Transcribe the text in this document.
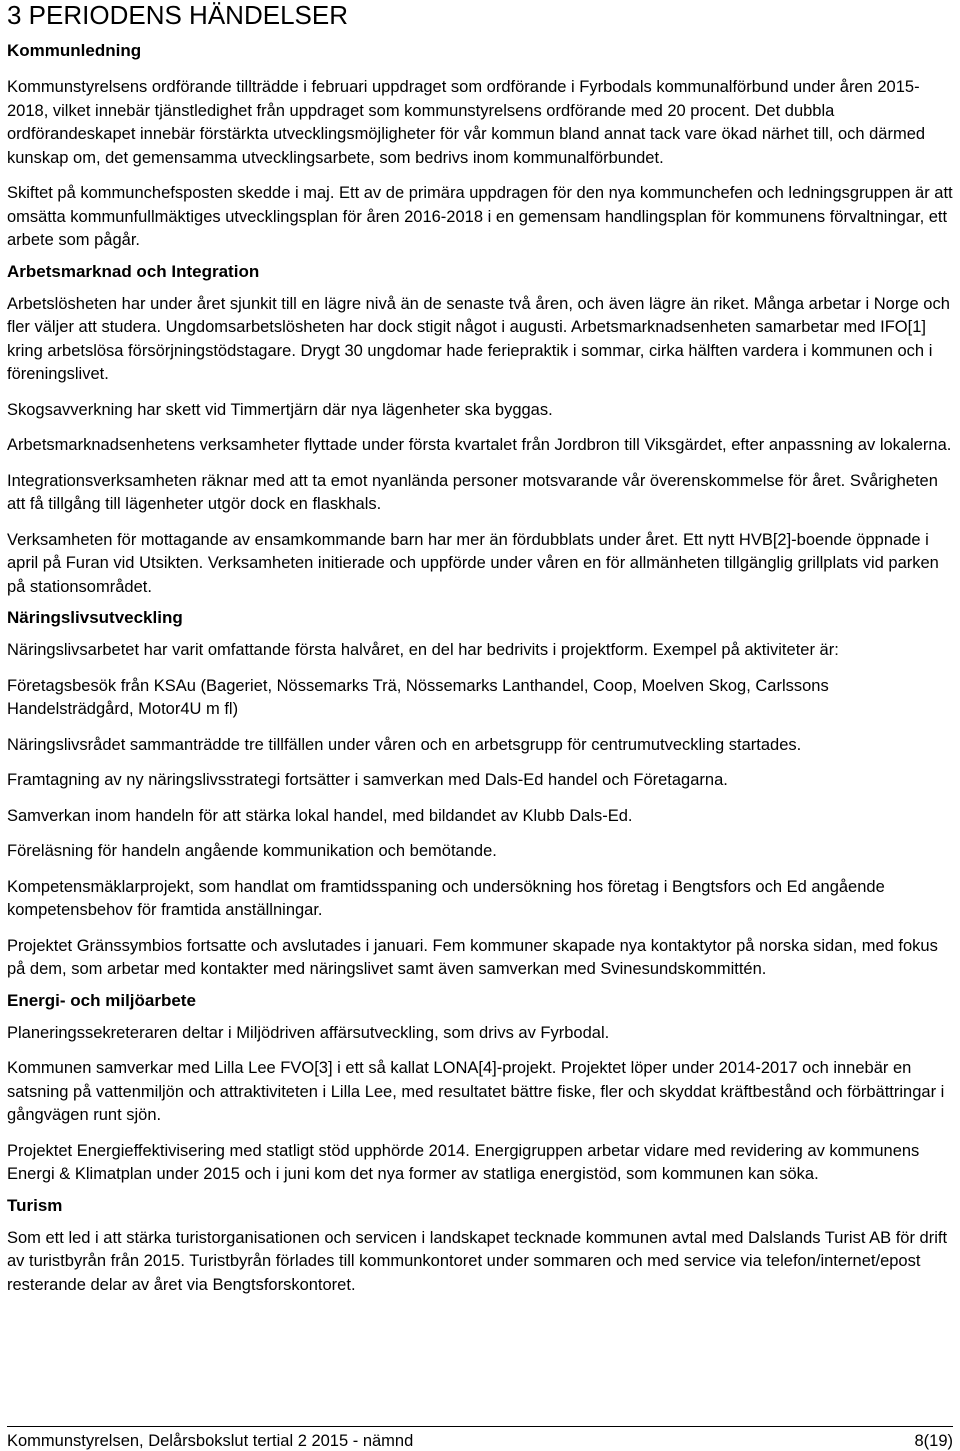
3 PERIODENS HÄNDELSER
Kommunledning

Kommunstyrelsens ordförande tillträdde i februari uppdraget som ordförande i Fyrbodals kommunalförbund under åren 2015-2018, vilket innebär tjänstledighet från uppdraget som kommunstyrelsens ordförande med 20 procent. Det dubbla ordförandeskapet innebär förstärkta utvecklingsmöjligheter för vår kommun bland annat tack vare ökad närhet till, och därmed kunskap om, det gemensamma utvecklingsarbete, som bedrivs inom kommunalförbundet.

Skiftet på kommunchefsposten skedde i maj. Ett av de primära uppdragen för den nya kommunchefen och ledningsgruppen är att omsätta kommunfullmäktiges utvecklingsplan för åren 2016-2018 i en gemensam handlingsplan för kommunens förvaltningar, ett arbete som pågår.

Arbetsmarknad och Integration

Arbetslösheten har under året sjunkit till en lägre nivå än de senaste två åren, och även lägre än riket. Många arbetar i Norge och fler väljer att studera. Ungdomsarbetslösheten har dock stigit något i augusti. Arbetsmarknadsenheten samarbetar med IFO[1] kring arbetslösa försörjningstödstagare. Drygt 30 ungdomar hade feriepraktik i sommar, cirka hälften vardera i kommunen och i föreningslivet.

Skogsavverkning har skett vid Timmertjärn där nya lägenheter ska byggas.

Arbetsmarknadsenhetens verksamheter flyttade under första kvartalet från Jordbron till Viksgärdet, efter anpassning av lokalerna.

Integrationsverksamheten räknar med att ta emot nyanlända personer motsvarande vår överenskommelse för året. Svårigheten att få tillgång till lägenheter utgör dock en flaskhals.

Verksamheten för mottagande av ensamkommande barn har mer än fördubblats under året. Ett nytt HVB[2]-boende öppnade i april på Furan vid Utsikten. Verksamheten initierade och uppförde under våren en för allmänheten tillgänglig grillplats vid parken på stationsområdet.

Näringslivsutveckling

Näringslivsarbetet har varit omfattande första halvåret, en del har bedrivits i projektform. Exempel på aktiviteter är:

Företagsbesök från KSAu (Bageriet, Nössemarks Trä, Nössemarks Lanthandel, Coop, Moelven Skog, Carlssons Handelsträdgård, Motor4U m fl)

Näringslivsrådet sammanträdde tre tillfällen under våren och en arbetsgrupp för centrumutveckling startades.

Framtagning av ny näringslivsstrategi fortsätter i samverkan med Dals-Ed handel och Företagarna.

Samverkan inom handeln för att stärka lokal handel, med bildandet av Klubb Dals-Ed.

Föreläsning för handeln angående kommunikation och bemötande.

Kompetensmäklarprojekt, som handlat om framtidsspaning och undersökning hos företag i Bengtsfors och Ed angående kompetensbehov för framtida anställningar.

Projektet Gränssymbios fortsatte och avslutades i januari. Fem kommuner skapade nya kontaktytor på norska sidan, med fokus på dem, som arbetar med kontakter med näringslivet samt även samverkan med Svinesundskommittén.

Energi- och miljöarbete

Planeringssekreteraren deltar i Miljödriven affärsutveckling, som drivs av Fyrbodal.

Kommunen samverkar med Lilla Lee FVO[3] i ett så kallat LONA[4]-projekt. Projektet löper under 2014-2017 och innebär en satsning på vattenmiljön och attraktiviteten i Lilla Lee, med resultatet bättre fiske, fler och skyddat kräftbestånd och förbättringar i gångvägen runt sjön.

Projektet Energieffektivisering med statligt stöd upphörde 2014. Energigruppen arbetar vidare med revidering av kommunens Energi & Klimatplan under 2015 och i juni kom det nya former av statliga energistöd, som kommunen kan söka.

Turism

Som ett led i att stärka turistorganisationen och servicen i landskapet tecknade kommunen avtal med Dalslands Turist AB för drift av turistbyrån från 2015. Turistbyrån förlades till kommunkontoret under sommaren och med service via telefon/internet/epost resterande delar av året via Bengtsforskontoret.

Kommunstyrelsen, Delårsbokslut tertial 2 2015 - nämnd	8(19)
